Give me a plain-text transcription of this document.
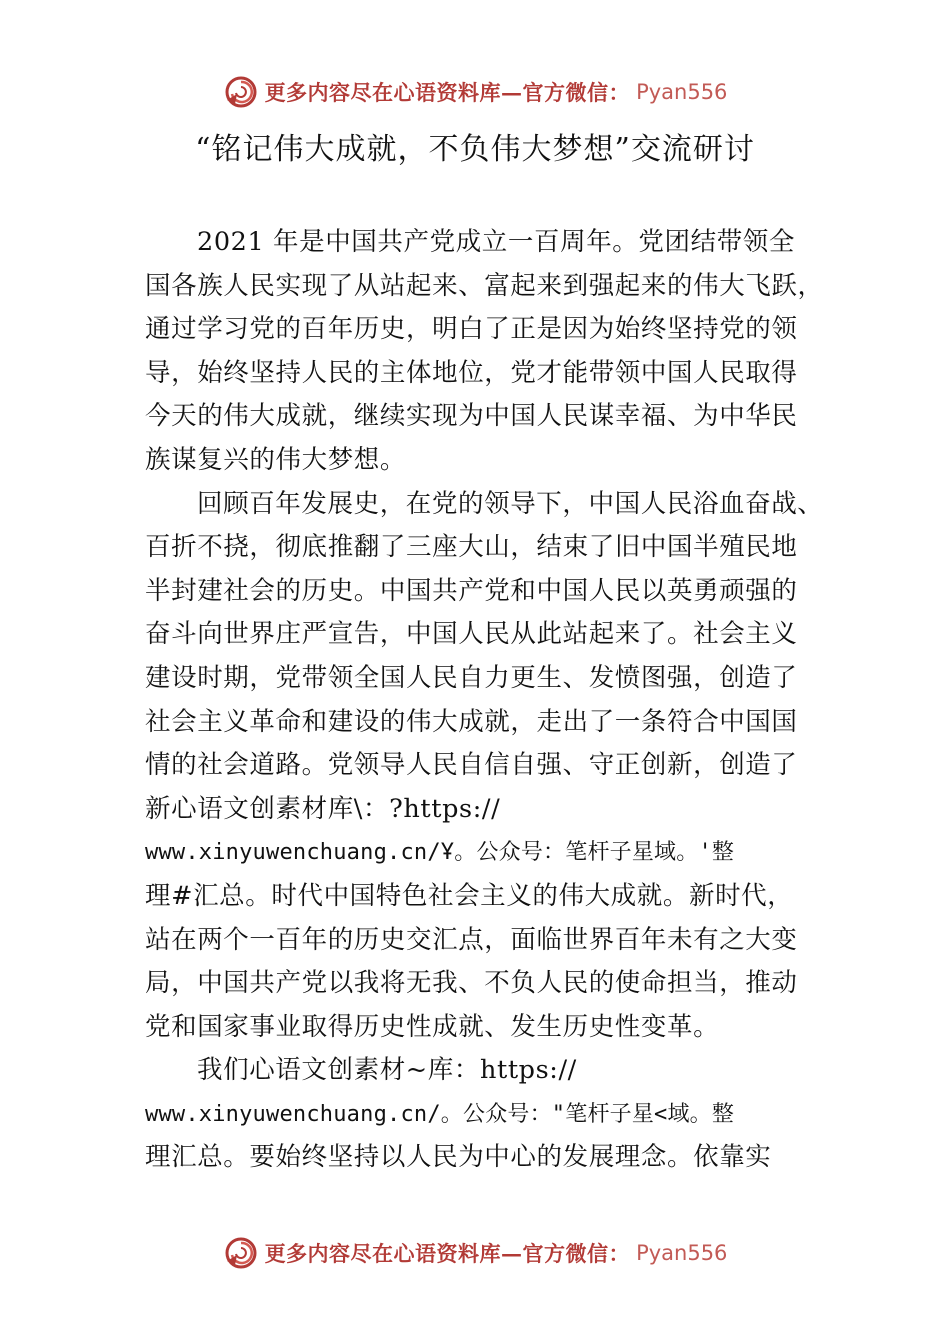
更多内容尽在心语资料库—官方微信： Pyan556
“铭记伟大成就，不负伟大梦想”交流研讨
2021 年是中国共产党成立一百周年。党团结带领全
国各族人民实现了从站起来、富起来到强起来的伟大飞跃，
通过学习党的百年历史，明白了正是因为始终坚持党的领
导，始终坚持人民的主体地位，党才能带领中国人民取得
今天的伟大成就，继续实现为中国人民谋幸福、为中华民
族谋复兴的伟大梦想。
回顾百年发展史，在党的领导下，中国人民浴血奋战、
百折不挠，彻底推翻了三座大山，结束了旧中国半殖民地
半封建社会的历史。中国共产党和中国人民以英勇顽强的
奋斗向世界庄严宣告，中国人民从此站起来了。社会主义
建设时期，党带领全国人民自力更生、发愤图强，创造了
社会主义革命和建设的伟大成就，走出了一条符合中国国
情的社会道路。党领导人民自信自强、守正创新，创造了
新心语文创素材库\：?https://
www.xinyuwenchuang.cn/Ұ。公众号：笔杆子星域。'整
理#汇总。时代中国特色社会主义的伟大成就。新时代，
站在两个一百年的历史交汇点，面临世界百年未有之大变
局，中国共产党以我将无我、不负人民的使命担当，推动
党和国家事业取得历史性成就、发生历史性变革。
我们心语文创素材~库：https://
www.xinyuwenchuang.cn/。公众号："笔杆子星<域。整
理汇总。要始终坚持以人民为中心的发展理念。依靠实
更多内容尽在心语资料库—官方微信： Pyan556
